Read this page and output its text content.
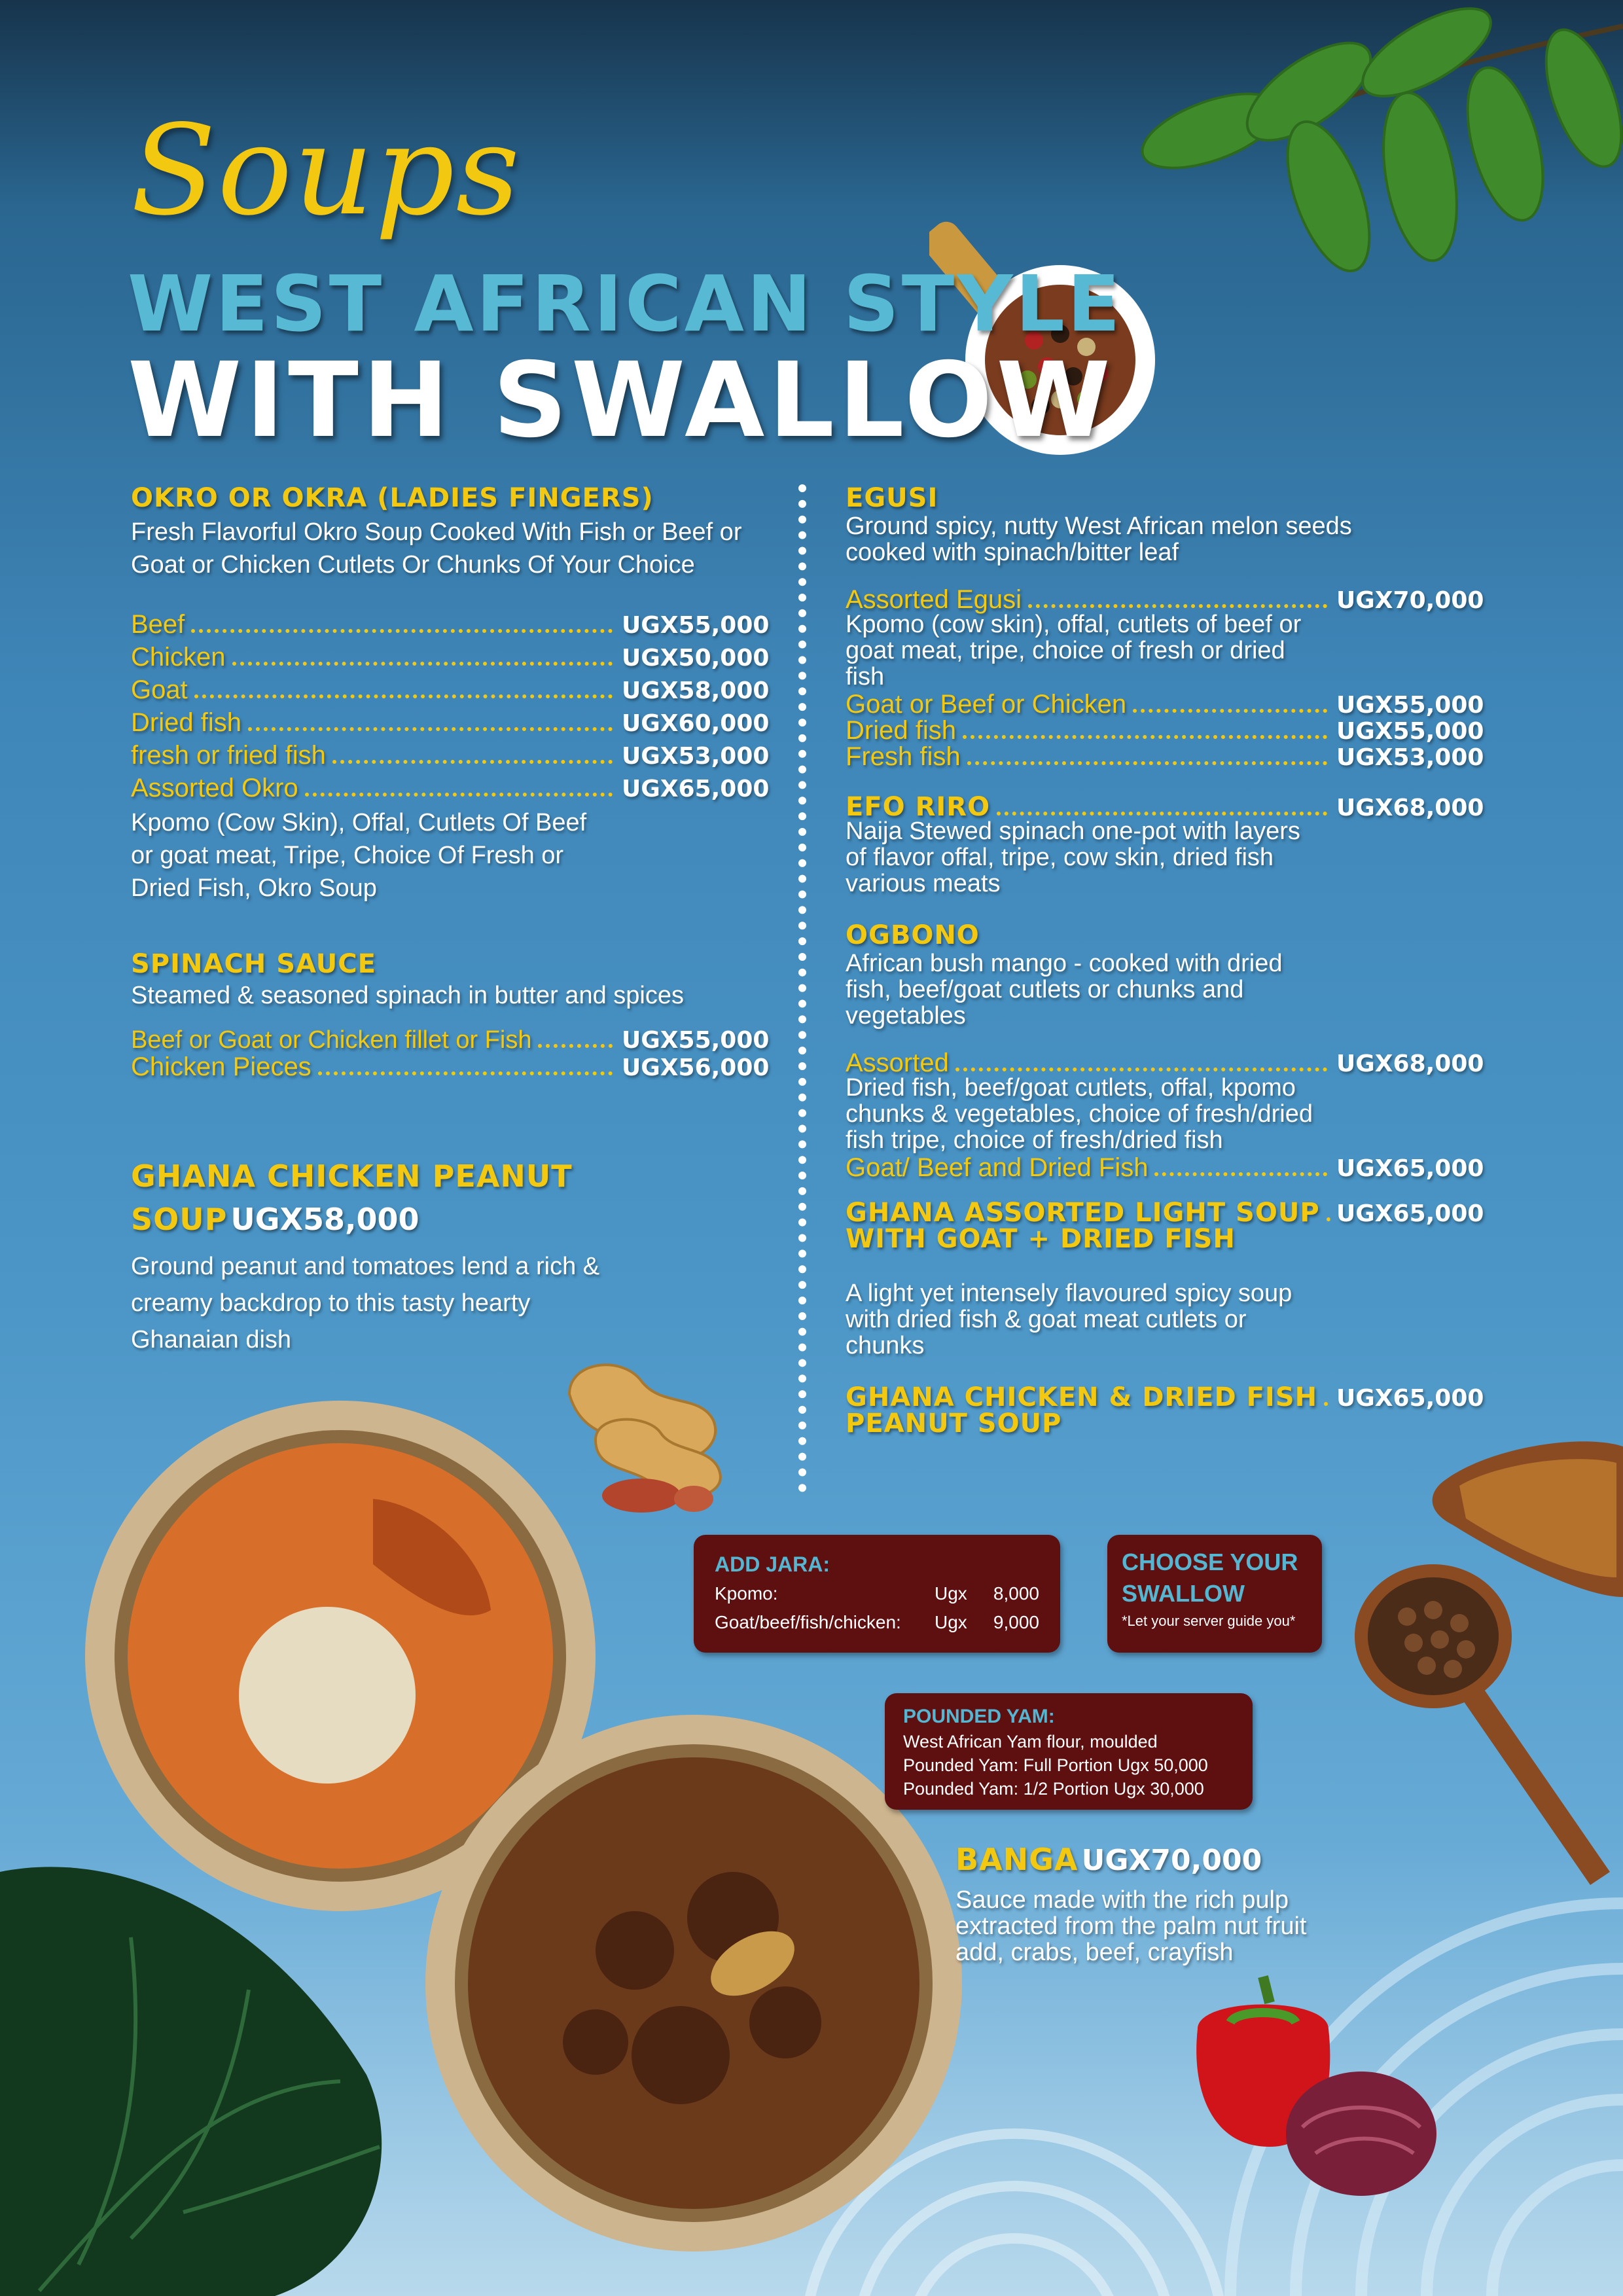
Soups
WEST AFRICAN STYLE
WITH SWALLOW
OKRO OR OKRA (LADIES FINGERS)
Fresh Flavorful Okro Soup Cooked With Fish or Beef or Goat or Chicken Cutlets Or Chunks Of Your Choice
Beef	UGX55,000
Chicken	UGX50,000
Goat	UGX58,000
Dried fish	UGX60,000
fresh or fried fish	UGX53,000
Assorted Okro	UGX65,000
Kpomo (Cow Skin), Offal, Cutlets Of Beef or goat meat, Tripe, Choice Of Fresh or Dried Fish, Okro Soup
SPINACH SAUCE
Steamed & seasoned spinach in butter and spices
Beef or Goat or Chicken fillet or Fish	UGX55,000
Chicken Pieces	UGX56,000
GHANA CHICKEN PEANUT
SOUP UGX58,000
Ground peanut and tomatoes lend a rich & creamy backdrop to this tasty hearty Ghanaian dish
EGUSI
Ground spicy, nutty West African melon seeds cooked with spinach/bitter leaf
Assorted Egusi	UGX70,000
Kpomo (cow skin), offal, cutlets of beef or goat meat, tripe, choice of fresh or dried fish
Goat or Beef or Chicken	UGX55,000
Dried fish	UGX55,000
Fresh fish	UGX53,000
EFO RIRO	UGX68,000
Naija Stewed spinach one-pot with layers of flavor offal, tripe, cow skin, dried fish various meats
OGBONO
African bush mango - cooked with dried fish, beef/goat cutlets or chunks and vegetables
Assorted	UGX68,000
Dried fish, beef/goat cutlets, offal, kpomo chunks & vegetables, choice of fresh/dried fish tripe, choice of fresh/dried fish
Goat/ Beef and Dried Fish	UGX65,000
GHANA ASSORTED LIGHT SOUP UGX65,000
WITH GOAT + DRIED FISH
A light yet intensely flavoured spicy soup with dried fish & goat meat cutlets or chunks
GHANA CHICKEN & DRIED FISH UGX65,000
PEANUT SOUP
ADD JARA:
Kpomo:	Ugx	8,000
Goat/beef/fish/chicken:	Ugx	9,000
CHOOSE YOUR
SWALLOW
*Let your server guide you*
POUNDED YAM:
West African Yam flour, moulded
Pounded Yam: Full Portion Ugx 50,000
Pounded Yam: 1/2 Portion Ugx 30,000
BANGA UGX70,000
Sauce made with the rich pulp extracted from the palm nut fruit add, crabs, beef, crayfish
